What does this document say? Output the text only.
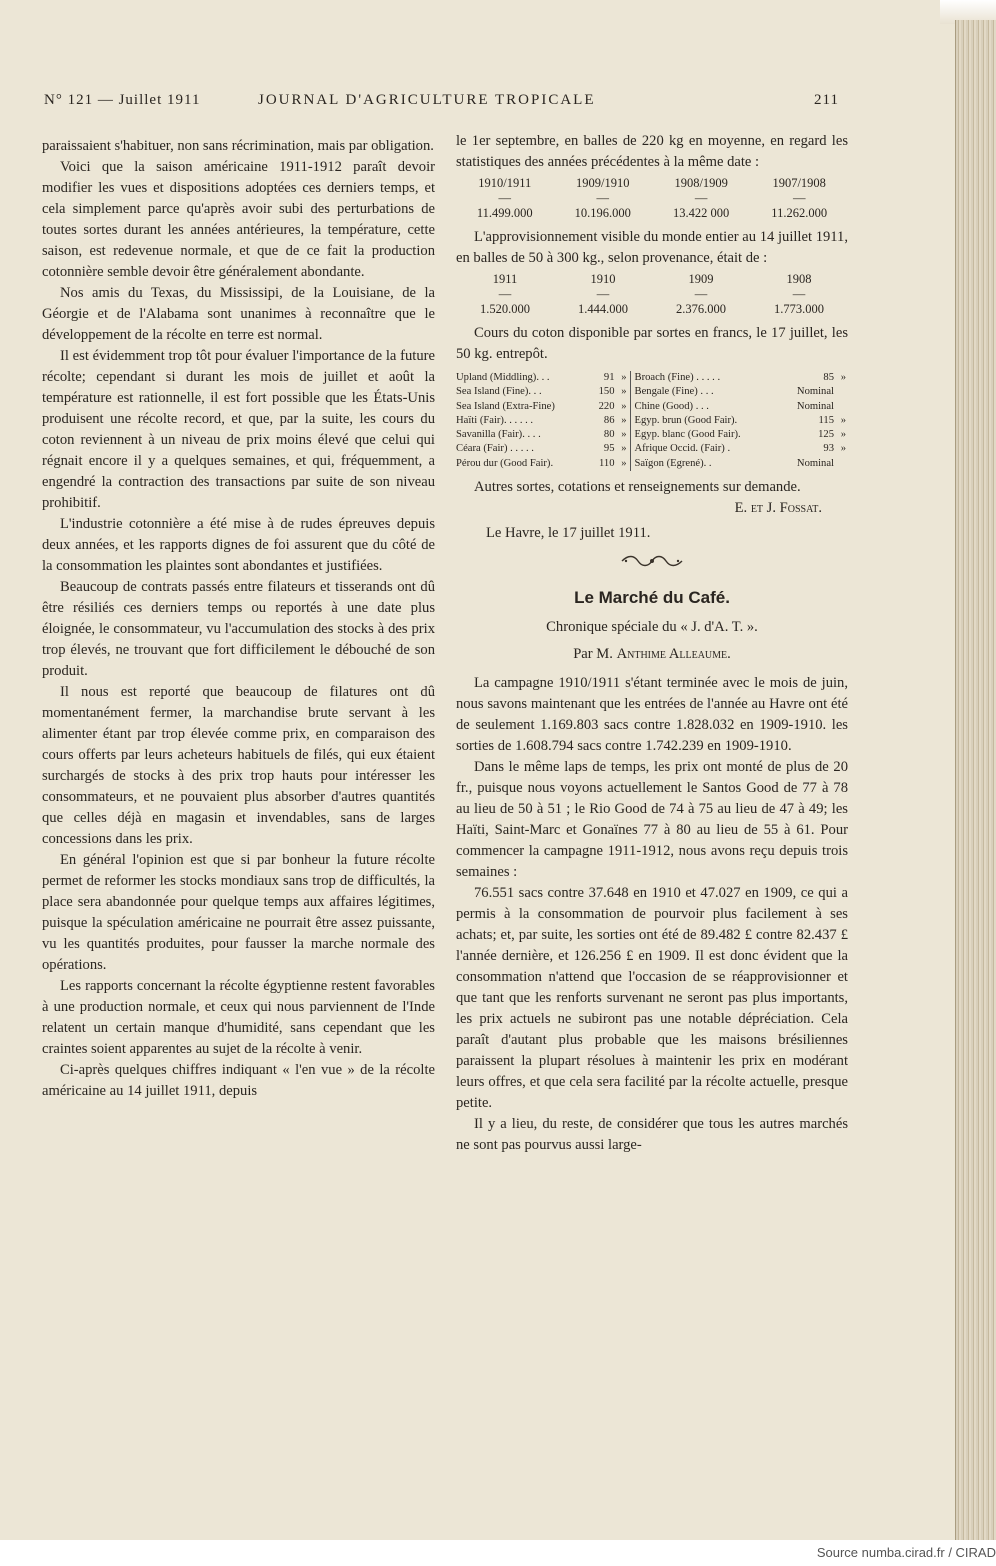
N° 121 — Juillet 1911	JOURNAL D'AGRICULTURE TROPICALE	211

paraissaient s'habituer, non sans récrimination, mais par obligation.

Voici que la saison américaine 1911-1912 paraît devoir modifier les vues et dispositions adoptées ces derniers temps, et cela simplement parce qu'après avoir subi des perturbations de toutes sortes durant les années antérieures, la température, cette saison, est redevenue normale, et que de ce fait la production cotonnière semble devoir être généralement abondante.

Nos amis du Texas, du Mississipi, de la Louisiane, de la Géorgie et de l'Alabama sont unanimes à reconnaître que le développement de la récolte en terre est normal.

Il est évidemment trop tôt pour évaluer l'importance de la future récolte; cependant si durant les mois de juillet et août la température est rationnelle, il est fort possible que les États-Unis produisent une récolte record, et que, par la suite, les cours du coton reviennent à un niveau de prix moins élevé que celui qui régnait encore il y a quelques semaines, et qui, fréquemment, a engendré la contraction des transactions par suite de son niveau prohibitif.

L'industrie cotonnière a été mise à de rudes épreuves depuis deux années, et les rapports dignes de foi assurent que du côté de la consommation les plaintes sont abondantes et justifiées.

Beaucoup de contrats passés entre filateurs et tisserands ont dû être résiliés ces derniers temps ou reportés à une date plus éloignée, le consommateur, vu l'accumulation des stocks à des prix trop élevés, ne trouvant que fort difficilement le débouché de son produit.

Il nous est reporté que beaucoup de filatures ont dû momentanément fermer, la marchandise brute servant à les alimenter étant par trop élevée comme prix, en comparaison des cours offerts par leurs acheteurs habituels de filés, qui eux étaient surchargés de stocks à des prix trop hauts pour intéresser les consommateurs, et ne pouvaient plus absorber d'autres quantités que celles déjà en magasin et invendables, sans de larges concessions dans les prix.

En général l'opinion est que si par bonheur la future récolte permet de reformer les stocks mondiaux sans trop de difficultés, la place sera abandonnée pour quelque temps aux affaires légitimes, puisque la spéculation américaine ne pourrait être assez puissante, vu les quantités produites, pour fausser la marche normale des opérations.

Les rapports concernant la récolte égyptienne restent favorables à une production normale, et ceux qui nous parviennent de l'Inde relatent un certain manque d'humidité, sans cependant que les craintes soient apparentes au sujet de la récolte à venir.

Ci-après quelques chiffres indiquant « l'en vue » de la récolte américaine au 14 juillet 1911, depuis

le 1er septembre, en balles de 220 kg en moyenne, en regard les statistiques des années précédentes à la même date :

1910/1911	1909/1910	1908/1909	1907/1908
—	—	—	—
11.499.000	10.196.000	13.422 000	11.262.000

L'approvisionnement visible du monde entier au 14 juillet 1911, en balles de 50 à 300 kg., selon provenance, était de :

1911	1910	1909	1908
—	—	—	—
1.520.000	1.444.000	2.376.000	1.773.000

Cours du coton disponible par sortes en francs, le 17 juillet, les 50 kg. entrepôt.

Upland (Middling). . .	91	»	Broach (Fine) . . . . .	85	»
Sea Island (Fine). . .	150	»	Bengale (Fine) . . .	Nominal	
Sea Island (Extra-Fine)	220	»	Chine (Good) . . .	Nominal	
Haïti (Fair). . . . . .	86	»	Egyp. brun (Good Fair).	115	»
Savanilla (Fair). . . .	80	»	Egyp. blanc (Good Fair).	125	»
Céara (Fair) . . . . .	95	»	Afrique Occid. (Fair) .	93	»
Pérou dur (Good Fair).	110	»	Saïgon (Egrené). .	Nominal	

Autres sortes, cotations et renseignements sur demande.

E. et J. Fossat.

Le Havre, le 17 juillet 1911.

Le Marché du Café.

Chronique spéciale du « J. d'A. T. ».

Par M. Anthime Alleaume.

La campagne 1910/1911 s'étant terminée avec le mois de juin, nous savons maintenant que les entrées de l'année au Havre ont été de seulement 1.169.803 sacs contre 1.828.032 en 1909-1910. les sorties de 1.608.794 sacs contre 1.742.239 en 1909-1910.

Dans le même laps de temps, les prix ont monté de plus de 20 fr., puisque nous voyons actuellement le Santos Good de 77 à 78 au lieu de 50 à 51 ; le Rio Good de 74 à 75 au lieu de 47 à 49; les Haïti, Saint-Marc et Gonaïnes 77 à 80 au lieu de 55 à 61. Pour commencer la campagne 1911-1912, nous avons reçu depuis trois semaines :

76.551 sacs contre 37.648 en 1910 et 47.027 en 1909, ce qui a permis à la consommation de pourvoir plus facilement à ses achats; et, par suite, les sorties ont été de 89.482 £ contre 82.437 £ l'année dernière, et 126.256 £ en 1909. Il est donc évident que la consommation n'attend que l'occasion de se réapprovisionner et que tant que les renforts survenant ne seront pas plus importants, les prix actuels ne subiront pas une notable dépréciation. Cela paraît d'autant plus probable que les maisons brésiliennes paraissent la plupart résolues à maintenir les prix en modérant leurs offres, et que cela sera facilité par la récolte actuelle, presque petite.

Il y a lieu, du reste, de considérer que tous les autres marchés ne sont pas pourvus aussi large-

Source numba.cirad.fr / CIRAD
